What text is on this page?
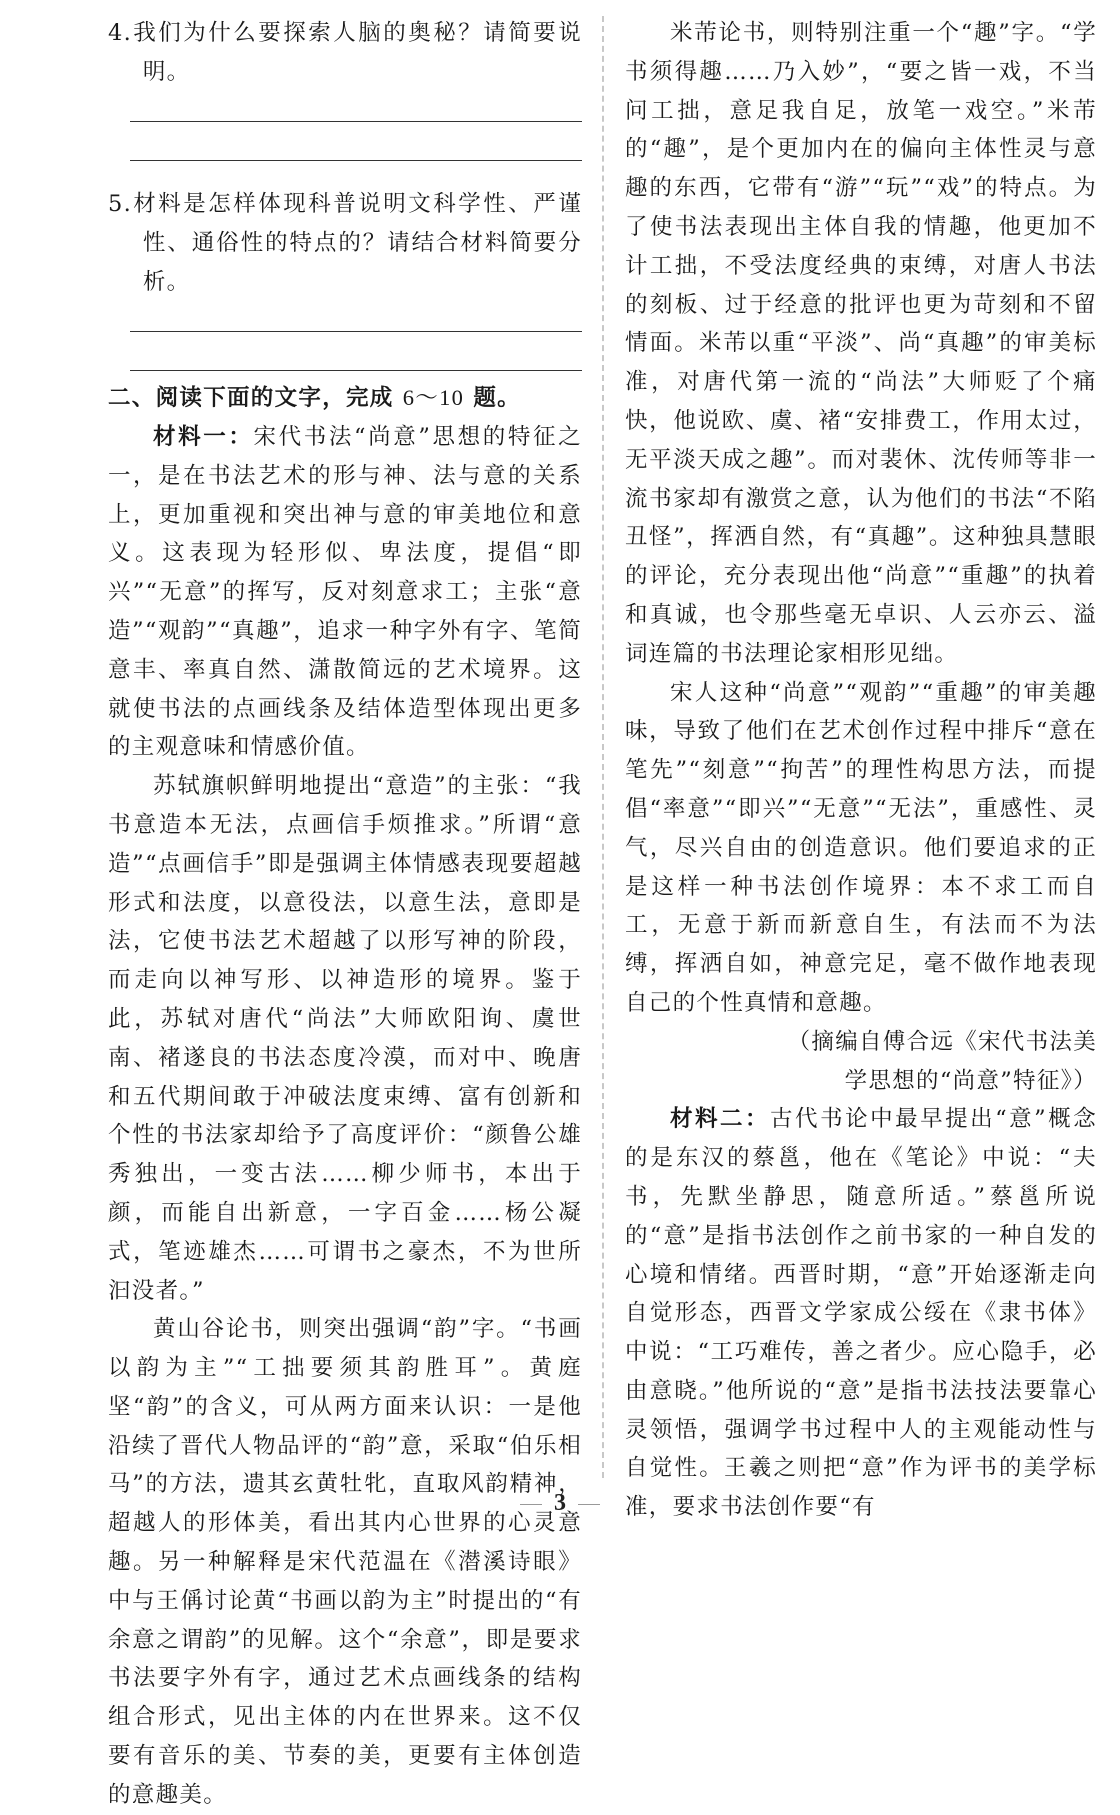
4.我们为什么要探索人脑的奥秘？请简要说明。

5.材料是怎样体现科普说明文科学性、严谨性、通俗性的特点的？请结合材料简要分析。

二、阅读下面的文字，完成 6～10 题。

材料一：宋代书法“尚意”思想的特征之一，是在书法艺术的形与神、法与意的关系上，更加重视和突出神与意的审美地位和意义。这表现为轻形似、卑法度，提倡“即兴”“无意”的挥写，反对刻意求工；主张“意造”“观韵”“真趣”，追求一种字外有字、笔简意丰、率真自然、潇散简远的艺术境界。这就使书法的点画线条及结体造型体现出更多的主观意味和情感价值。

苏轼旗帜鲜明地提出“意造”的主张：“我书意造本无法，点画信手烦推求。”所谓“意造”“点画信手”即是强调主体情感表现要超越形式和法度，以意役法，以意生法，意即是法，它使书法艺术超越了以形写神的阶段，而走向以神写形、以神造形的境界。鉴于此，苏轼对唐代“尚法”大师欧阳询、虞世南、褚遂良的书法态度冷漠，而对中、晚唐和五代期间敢于冲破法度束缚、富有创新和个性的书法家却给予了高度评价：“颜鲁公雄秀独出，一变古法……柳少师书，本出于颜，而能自出新意，一字百金……杨公凝式，笔迹雄杰……可谓书之豪杰，不为世所汩没者。”

黄山谷论书，则突出强调“韵”字。“书画以韵为主”“工拙要须其韵胜耳”。黄庭坚“韵”的含义，可从两方面来认识：一是他沿续了晋代人物品评的“韵”意，采取“伯乐相马”的方法，遗其玄黄牡牝，直取风韵精神，超越人的形体美，看出其内心世界的心灵意趣。另一种解释是宋代范温在《潜溪诗眼》中与王偁讨论黄“书画以韵为主”时提出的“有余意之谓韵”的见解。这个“余意”，即是要求书法要字外有字，通过艺术点画线条的结构组合形式，见出主体的内在世界来。这不仅要有音乐的美、节奏的美，更要有主体创造的意趣美。

米芾论书，则特别注重一个“趣”字。“学书须得趣……乃入妙”，“要之皆一戏，不当问工拙，意足我自足，放笔一戏空。”米芾的“趣”，是个更加内在的偏向主体性灵与意趣的东西，它带有“游”“玩”“戏”的特点。为了使书法表现出主体自我的情趣，他更加不计工拙，不受法度经典的束缚，对唐人书法的刻板、过于经意的批评也更为苛刻和不留情面。米芾以重“平淡”、尚“真趣”的审美标准，对唐代第一流的“尚法”大师贬了个痛快，他说欧、虞、褚“安排费工，作用太过，无平淡天成之趣”。而对裴休、沈传师等非一流书家却有激赏之意，认为他们的书法“不陷丑怪”，挥洒自然，有“真趣”。这种独具慧眼的评论，充分表现出他“尚意”“重趣”的执着和真诚，也令那些毫无卓识、人云亦云、溢词连篇的书法理论家相形见绌。

宋人这种“尚意”“观韵”“重趣”的审美趣味，导致了他们在艺术创作过程中排斥“意在笔先”“刻意”“拘苦”的理性构思方法，而提倡“率意”“即兴”“无意”“无法”，重感性、灵气，尽兴自由的创造意识。他们要追求的正是这样一种书法创作境界：本不求工而自工，无意于新而新意自生，有法而不为法缚，挥洒自如，神意完足，毫不做作地表现自己的个性真情和意趣。

（摘编自傅合远《宋代书法美
学思想的“尚意”特征》）

材料二：古代书论中最早提出“意”概念的是东汉的蔡邕，他在《笔论》中说：“夫书，先默坐静思，随意所适。”蔡邕所说的“意”是指书法创作之前书家的一种自发的心境和情绪。西晋时期，“意”开始逐渐走向自觉形态，西晋文学家成公绥在《隶书体》中说：“工巧难传，善之者少。应心隐手，必由意晓。”他所说的“意”是指书法技法要靠心灵领悟，强调学书过程中人的主观能动性与自觉性。王羲之则把“意”作为评书的美学标准，要求书法创作要“有

3
